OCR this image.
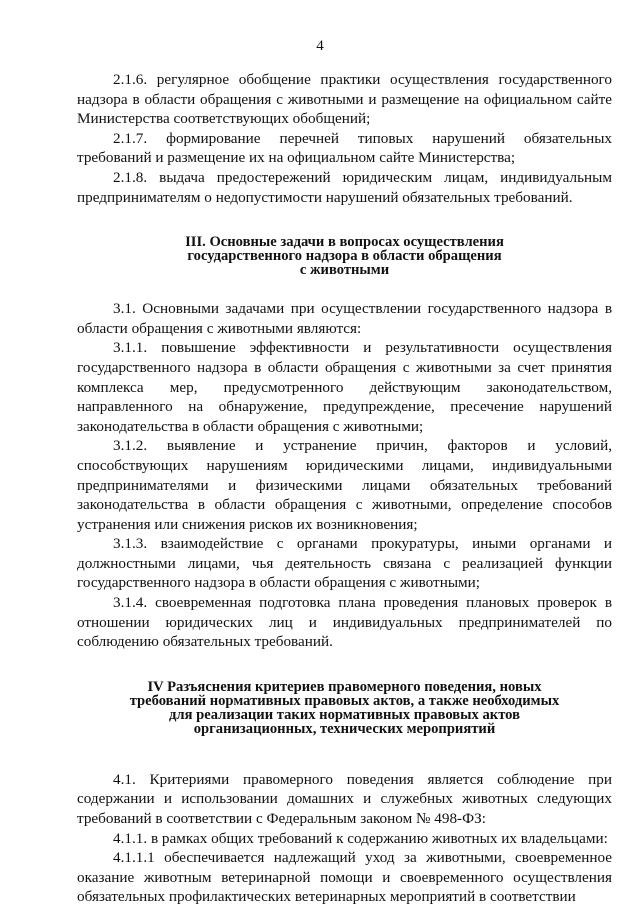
4

2.1.6. регулярное обобщение практики осуществления государственного надзора в области обращения с животными и размещение на официальном сайте Министерства соответствующих обобщений;

2.1.7. формирование перечней типовых нарушений обязательных требований и размещение их на официальном сайте Министерства;

2.1.8. выдача предостережений юридическим лицам, индивидуальным предпринимателям о недопустимости нарушений обязательных требований.

III. Основные задачи в вопросах осуществления
государственного надзора в области обращения
с животными

3.1. Основными задачами при осуществлении государственного надзора в области обращения с животными являются:

3.1.1. повышение эффективности и результативности осуществления государственного надзора в области обращения с животными за счет принятия комплекса мер, предусмотренного действующим законодательством, направленного на обнаружение, предупреждение, пресечение нарушений законодательства в области обращения с животными;

3.1.2. выявление и устранение причин, факторов и условий, способствующих нарушениям юридическими лицами, индивидуальными предпринимателями и физическими лицами обязательных требований законодательства в области обращения с животными, определение способов устранения или снижения рисков их возникновения;

3.1.3. взаимодействие с органами прокуратуры, иными органами и должностными лицами, чья деятельность связана с реализацией функции государственного надзора в области обращения с животными;

3.1.4. своевременная подготовка плана проведения плановых проверок в отношении юридических лиц и индивидуальных предпринимателей по соблюдению обязательных требований.

IV Разъяснения критериев правомерного поведения, новых
требований нормативных правовых актов, а также необходимых
для реализации таких нормативных правовых актов
организационных, технических мероприятий

4.1. Критериями правомерного поведения является соблюдение при содержании и использовании домашних и служебных животных следующих требований в соответствии с Федеральным законом № 498-ФЗ:

4.1.1. в рамках общих требований к содержанию животных их владельцами:

4.1.1.1 обеспечивается надлежащий уход за животными, своевременное оказание животным ветеринарной помощи и своевременного осуществления обязательных профилактических ветеринарных мероприятий в соответствии
